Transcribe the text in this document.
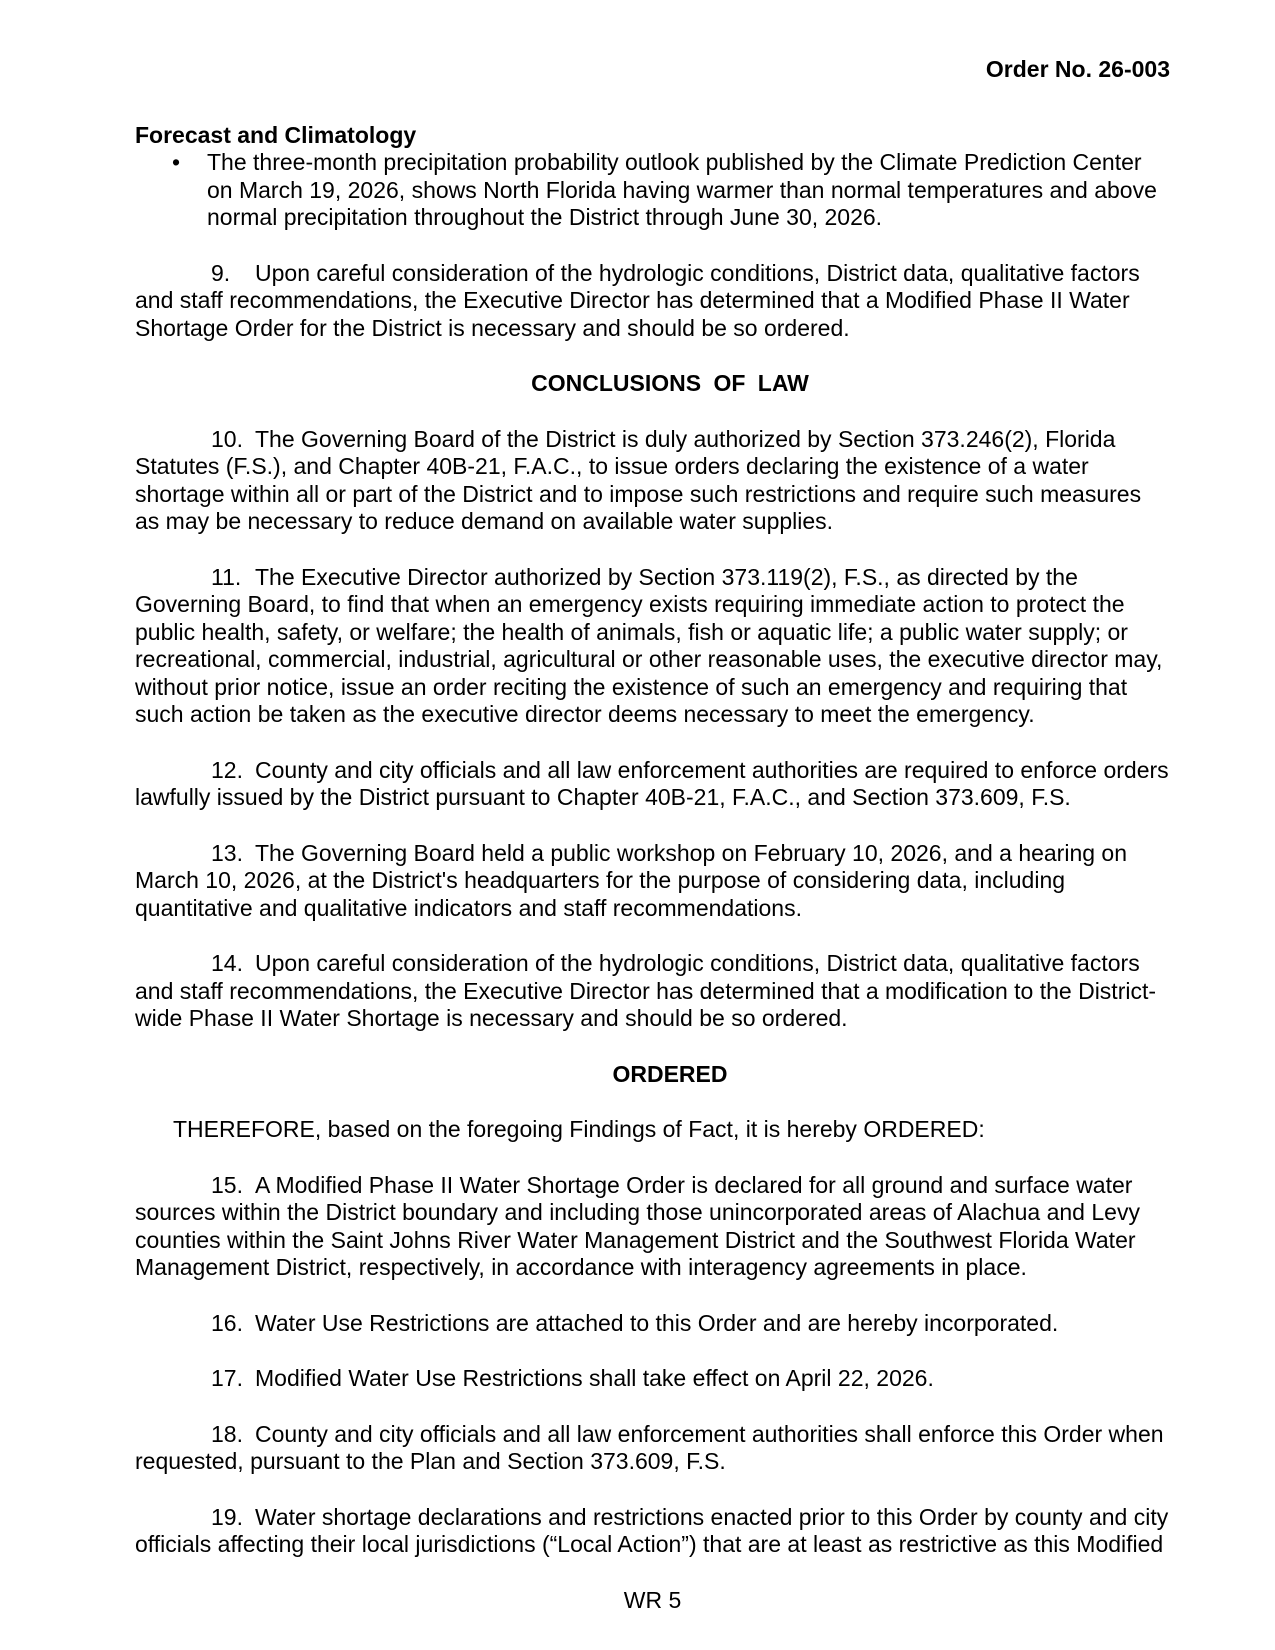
Order No. 26-003
Forecast and Climatology
• The three-month precipitation probability outlook published by the Climate Prediction Center on March 19, 2026, shows North Florida having warmer than normal temperatures and above normal precipitation throughout the District through June 30, 2026.

9. Upon careful consideration of the hydrologic conditions, District data, qualitative factors and staff recommendations, the Executive Director has determined that a Modified Phase II Water Shortage Order for the District is necessary and should be so ordered.

CONCLUSIONS OF LAW

10. The Governing Board of the District is duly authorized by Section 373.246(2), Florida Statutes (F.S.), and Chapter 40B-21, F.A.C., to issue orders declaring the existence of a water shortage within all or part of the District and to impose such restrictions and require such measures as may be necessary to reduce demand on available water supplies.

11. The Executive Director authorized by Section 373.119(2), F.S., as directed by the Governing Board, to find that when an emergency exists requiring immediate action to protect the public health, safety, or welfare; the health of animals, fish or aquatic life; a public water supply; or recreational, commercial, industrial, agricultural or other reasonable uses, the executive director may, without prior notice, issue an order reciting the existence of such an emergency and requiring that such action be taken as the executive director deems necessary to meet the emergency.

12. County and city officials and all law enforcement authorities are required to enforce orders lawfully issued by the District pursuant to Chapter 40B-21, F.A.C., and Section 373.609, F.S.

13. The Governing Board held a public workshop on February 10, 2026, and a hearing on March 10, 2026, at the District's headquarters for the purpose of considering data, including quantitative and qualitative indicators and staff recommendations.

14. Upon careful consideration of the hydrologic conditions, District data, qualitative factors and staff recommendations, the Executive Director has determined that a modification to the District-wide Phase II Water Shortage is necessary and should be so ordered.

ORDERED

THEREFORE, based on the foregoing Findings of Fact, it is hereby ORDERED:

15. A Modified Phase II Water Shortage Order is declared for all ground and surface water sources within the District boundary and including those unincorporated areas of Alachua and Levy counties within the Saint Johns River Water Management District and the Southwest Florida Water Management District, respectively, in accordance with interagency agreements in place.

16. Water Use Restrictions are attached to this Order and are hereby incorporated.

17. Modified Water Use Restrictions shall take effect on April 22, 2026.

18. County and city officials and all law enforcement authorities shall enforce this Order when requested, pursuant to the Plan and Section 373.609, F.S.

19. Water shortage declarations and restrictions enacted prior to this Order by county and city officials affecting their local jurisdictions (“Local Action”) that are at least as restrictive as this Modified

WR 5
